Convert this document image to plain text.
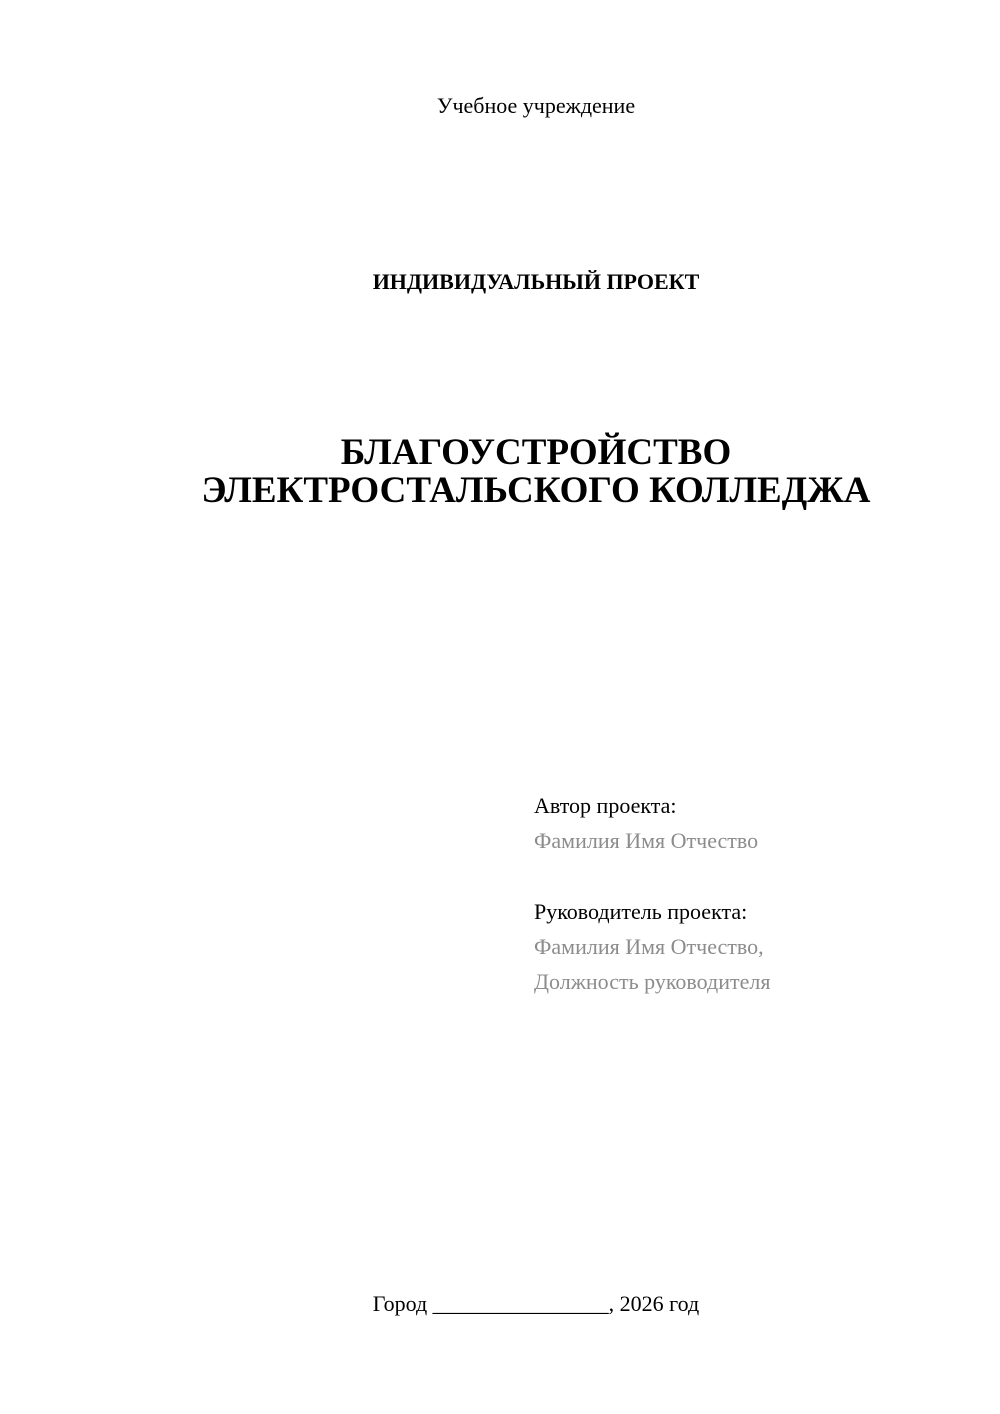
Учебное учреждение
ИНДИВИДУАЛЬНЫЙ ПРОЕКТ
БЛАГОУСТРОЙСТВО
ЭЛЕКТРОСТАЛЬСКОГО КОЛЛЕДЖА
Автор проекта:
Фамилия Имя Отчество
Руководитель проекта:
Фамилия Имя Отчество,
Должность руководителя
Город ________________, 2026 год
